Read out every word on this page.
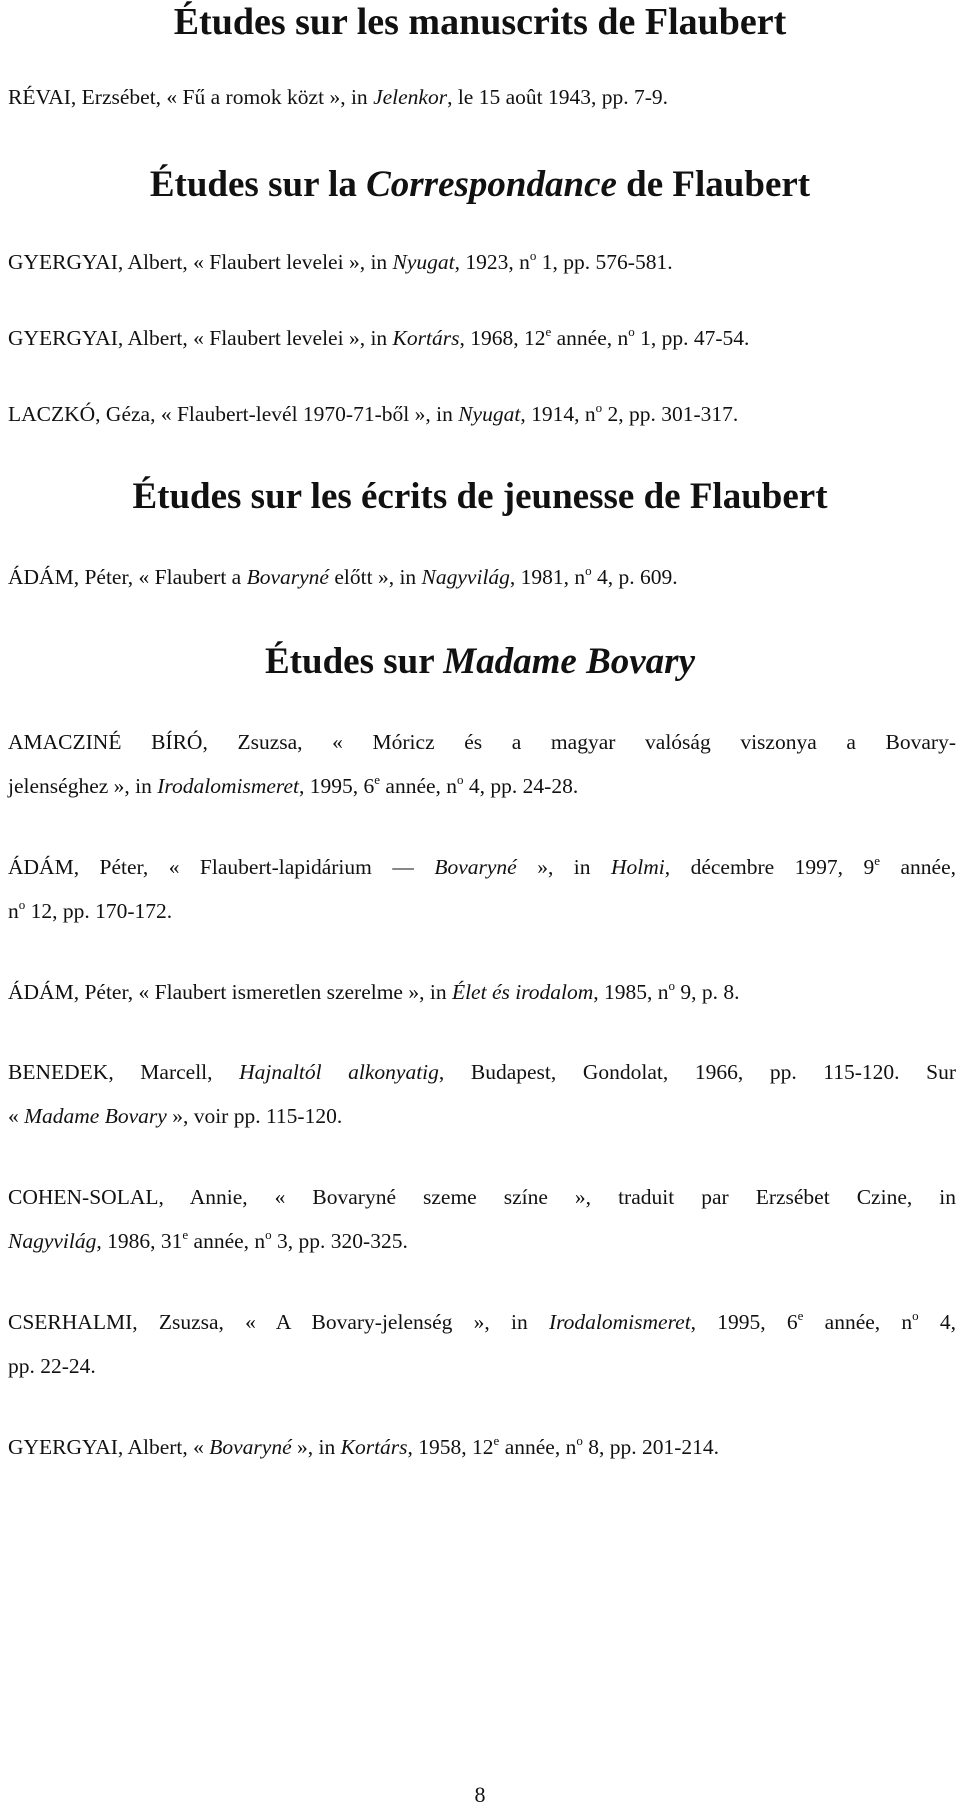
Études sur les manuscrits de Flaubert

RÉVAI, Erzsébet, « Fű a romok közt », in Jelenkor, le 15 août 1943, pp. 7-9.

Études sur la Correspondance de Flaubert

GYERGYAI, Albert, « Flaubert levelei », in Nyugat, 1923, $n^o$ 1, pp. 576-581.

GYERGYAI, Albert, « Flaubert levelei », in Kortárs, 1968, 12e année, $n^o$ 1, pp. 47-54.

LACZKÓ, Géza, « Flaubert-levél 1970-71-ből », in Nyugat, 1914, $n^o$ 2, pp. 301-317.

Études sur les écrits de jeunesse de Flaubert

ÁDÁM, Péter, « Flaubert a Bovaryné előtt », in Nagyvilág, 1981, $n^o$ 4, p. 609.

Études sur Madame Bovary

AMACZINÉ BÍRÓ, Zsuzsa, « Móricz és a magyar valóság viszonya a Bovary-
jelenséghez », in Irodalomismeret, 1995, 6e année, $n^o$ 4, pp. 24-28.

ÁDÁM, Péter, « Flaubert-lapidárium — Bovaryné », in Holmi, décembre 1997, 9e année,
$n^o$ 12, pp. 170-172.

ÁDÁM, Péter, « Flaubert ismeretlen szerelme », in Élet és irodalom, 1985, $n^o$ 9, p. 8.

BENEDEK, Marcell, Hajnaltól alkonyatig, Budapest, Gondolat, 1966, pp. 115-120. Sur
« Madame Bovary », voir pp. 115-120.

COHEN-SOLAL, Annie, « Bovaryné szeme színe », traduit par Erzsébet Czine, in
Nagyvilág, 1986, 31e année, $n^o$ 3, pp. 320-325.

CSERHALMI, Zsuzsa, « A Bovary-jelenség », in Irodalomismeret, 1995, 6e année, $n^o$ 4,
pp. 22-24.

GYERGYAI, Albert, « Bovaryné », in Kortárs, 1958, 12e année, $n^o$ 8, pp. 201-214.

8
